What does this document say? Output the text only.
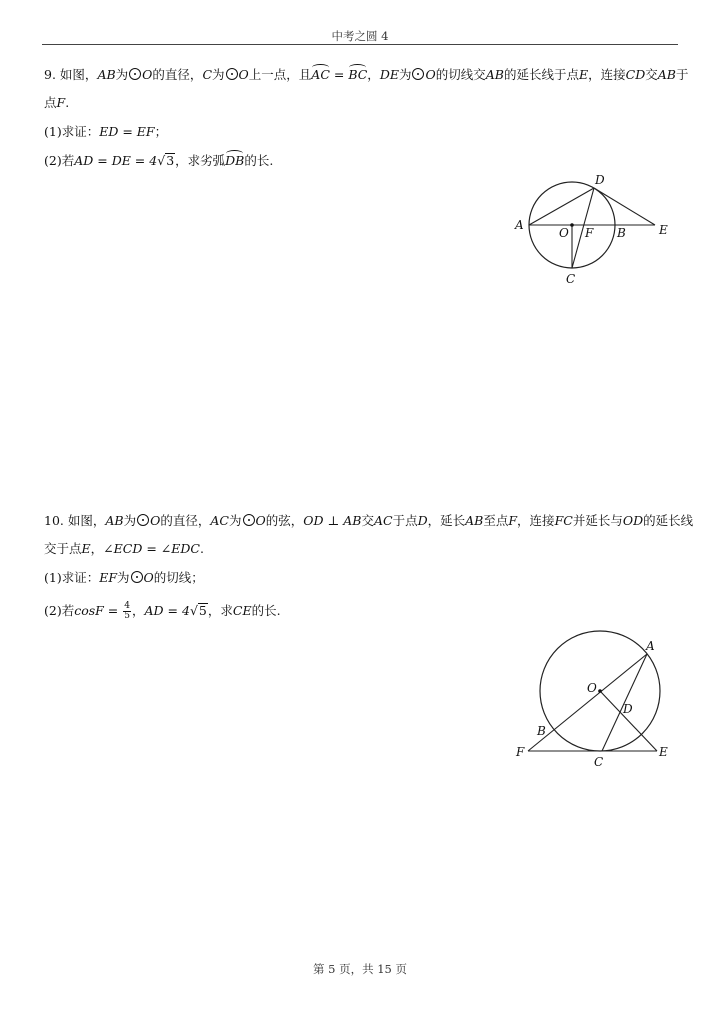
中考之圆 4
9. 如图，AB为 O的直径，C为 O上一点，且AC = BC，DE为 O的切线交AB的延长线于点E，连接CD交AB于
点F.
(1)求证：ED = EF；
(2)若AD = DE = 4√3，求劣弧DB的长.
A
O F B	E
D
C
10. 如图，AB为 O的直径，AC为 O的弦，OD ⊥ AB交AC于点D，延长AB至点F，连接FC并延长与OD的延长线
交于点E，∠ECD = ∠EDC.
(1)求证：EF为 O的切线；
(2)若$\cos F = \frac{4}{5}$ ，AD = 4√5，求CE的长.
A
O
D
B
F
C
E
第 5 页，共 15 页
